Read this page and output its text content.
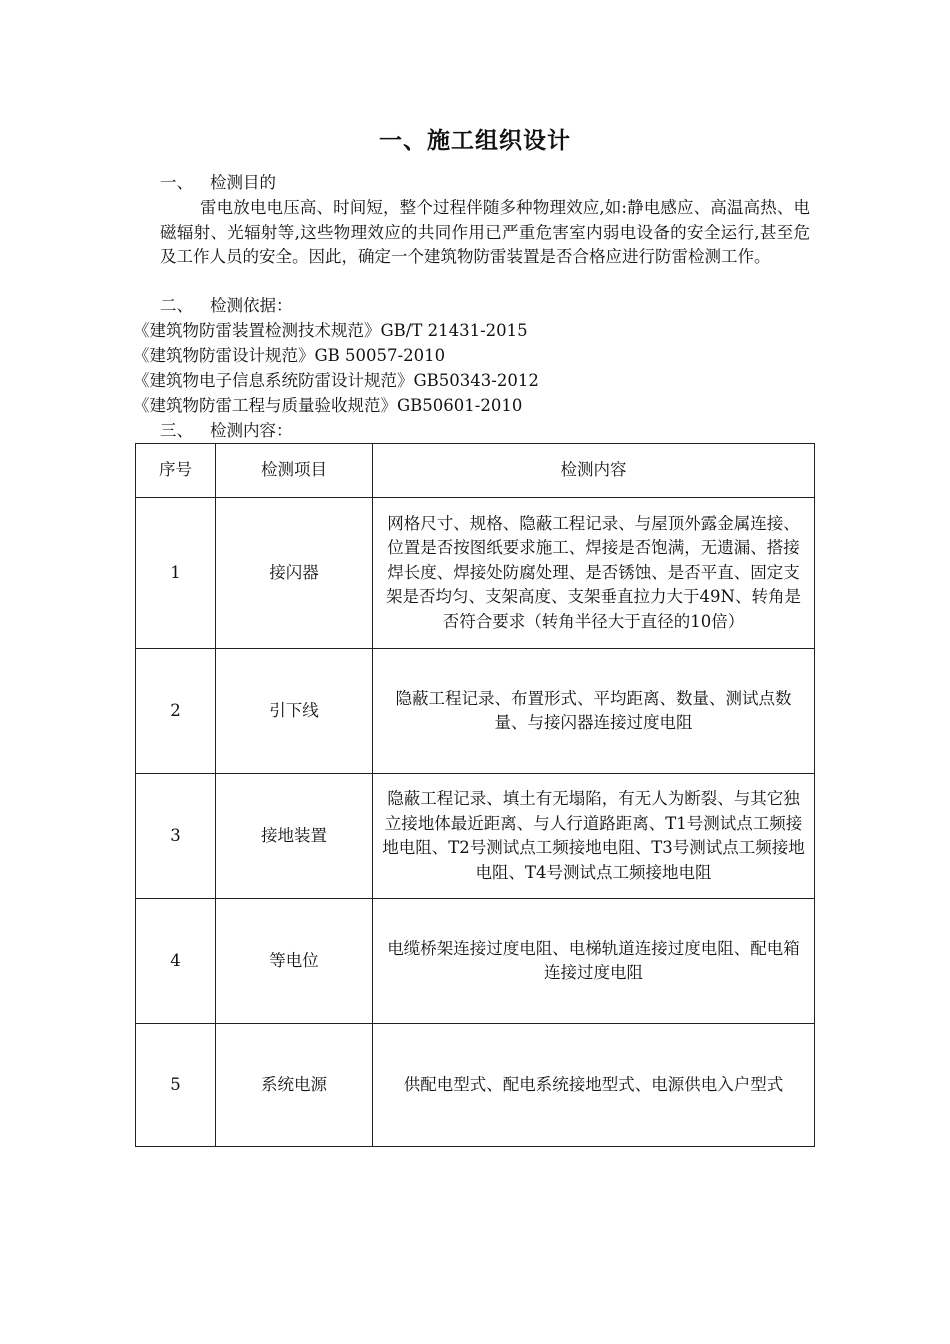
一、施工组织设计
一、 检测目的
雷电放电电压高、时间短，整个过程伴随多种物理效应,如:静电感应、高温高热、电磁辐射、光辐射等,这些物理效应的共同作用已严重危害室内弱电设备的安全运行,甚至危及工作人员的安全。因此，确定一个建筑物防雷装置是否合格应进行防雷检测工作。
二、 检测依据：
《建筑物防雷装置检测技术规范》GB/T 21431-2015
《建筑物防雷设计规范》GB 50057-2010
《建筑物电子信息系统防雷设计规范》GB50343-2012
《建筑物防雷工程与质量验收规范》GB50601-2010
三、 检测内容：
序号	检测项目	检测内容
1	接闪器	网格尺寸、规格、隐蔽工程记录、与屋顶外露金属连接、位置是否按图纸要求施工、焊接是否饱满，无遗漏、搭接焊长度、焊接处防腐处理、是否锈蚀、是否平直、固定支架是否均匀、支架高度、支架垂直拉力大于49N、转角是否符合要求（转角半径大于直径的10倍）
2	引下线	隐蔽工程记录、布置形式、平均距离、数量、测试点数量、与接闪器连接过度电阻
3	接地装置	隐蔽工程记录、填土有无塌陷，有无人为断裂、与其它独立接地体最近距离、与人行道路距离、T1号测试点工频接地电阻、T2号测试点工频接地电阻、T3号测试点工频接地电阻、T4号测试点工频接地电阻
4	等电位	电缆桥架连接过度电阻、电梯轨道连接过度电阻、配电箱连接过度电阻
5	系统电源	供配电型式、配电系统接地型式、电源供电入户型式
